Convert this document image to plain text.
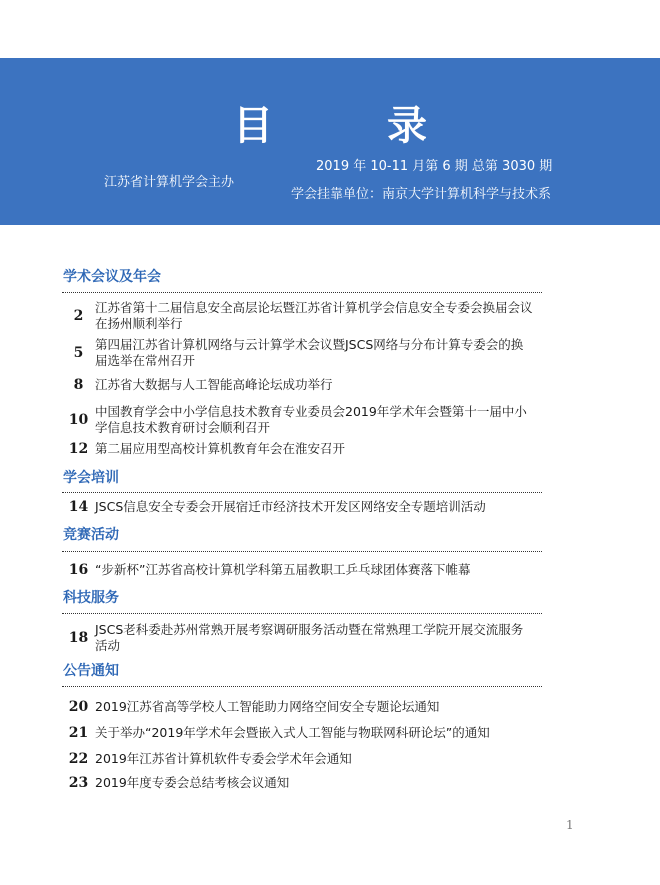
目 录
江苏省计算机学会主办
2019 年 10-11 月第 6 期 总第 3030 期
学会挂靠单位：南京大学计算机科学与技术系
学术会议及年会
2
江苏省第十二届信息安全高层论坛暨江苏省计算机学会信息安全专委会换届会议在扬州顺利举行
5
第四届江苏省计算机网络与云计算学术会议暨JSCS网络与分布计算专委会的换届选举在常州召开
8 江苏省大数据与人工智能高峰论坛成功举行
10
中国教育学会中小学信息技术教育专业委员会2019年学术年会暨第十一届中小学信息技术教育研讨会顺利召开
12 第二届应用型高校计算机教育年会在淮安召开
学会培训
14 JSCS信息安全专委会开展宿迁市经济技术开发区网络安全专题培训活动
竞赛活动
16 “步新杯”江苏省高校计算机学科第五届教职工乒乓球团体赛落下帷幕
科技服务
18
JSCS老科委赴苏州常熟开展考察调研服务活动暨在常熟理工学院开展交流服务活动
公告通知
20 2019江苏省高等学校人工智能助力网络空间安全专题论坛通知
21 关于举办“2019年学术年会暨嵌入式人工智能与物联网科研论坛”的通知
22 2019年江苏省计算机软件专委会学术年会通知
23 2019年度专委会总结考核会议通知
1
